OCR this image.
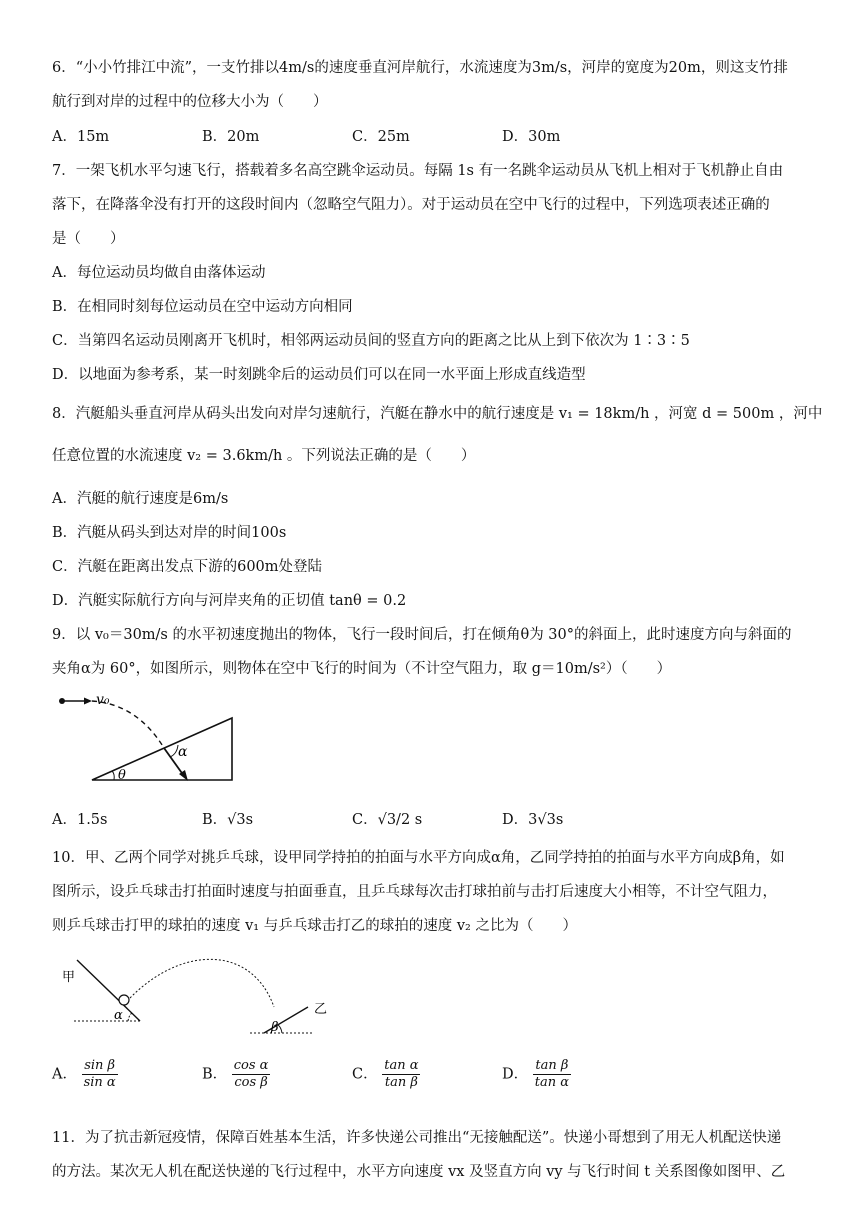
6．“小小竹排江中流”，一支竹排以4m/s的速度垂直河岸航行，水流速度为3m/s，河岸的宽度为20m，则这支竹排
航行到对岸的过程中的位移大小为（　　）
A．15m	B．20m	C．25m	D．30m
7．一架飞机水平匀速飞行，搭载着多名高空跳伞运动员。每隔 1s 有一名跳伞运动员从飞机上相对于飞机静止自由
落下，在降落伞没有打开的这段时间内（忽略空气阻力）。对于运动员在空中飞行的过程中，下列选项表述正确的
是（　　）
A．每位运动员均做自由落体运动
B．在相同时刻每位运动员在空中运动方向相同
C．当第四名运动员刚离开飞机时，相邻两运动员间的竖直方向的距离之比从上到下依次为 1∶3∶5
D．以地面为参考系，某一时刻跳伞后的运动员们可以在同一水平面上形成直线造型
8．汽艇船头垂直河岸从码头出发向对岸匀速航行，汽艇在静水中的航行速度是 v₁ = 18km/h ，河宽 d = 500m ，河中
任意位置的水流速度 v₂ = 3.6km/h 。下列说法正确的是（　　）
A．汽艇的航行速度是6m/s
B．汽艇从码头到达对岸的时间100s
C．汽艇在距离出发点下游的600m处登陆
D．汽艇实际航行方向与河岸夹角的正切值 tanθ = 0.2
9．以 v₀＝30m/s 的水平初速度抛出的物体，飞行一段时间后，打在倾角θ为 30°的斜面上，此时速度方向与斜面的
夹角α为 60°，如图所示，则物体在空中飞行的时间为（不计空气阻力，取 g＝10m/s²）（　　）
v₀
α
θ
A．1.5s	B．√3s	C．√3/2 s	D．3√3s
10．甲、乙两个同学对挑乒乓球，设甲同学持拍的拍面与水平方向成α角，乙同学持拍的拍面与水平方向成β角，如
图所示，设乒乓球击打拍面时速度与拍面垂直，且乒乓球每次击打球拍前与击打后速度大小相等，不计空气阻力，
则乒乓球击打甲的球拍的速度 v₁ 与乒乓球击打乙的球拍的速度 v₂ 之比为（　　）
甲
α
β
乙
A． $\frac{\text{sin β}}{\text{sin α}}$	B． $\frac{\text{cos α}}{\text{cos β}}$	C． $\frac{\text{tan α}}{\text{tan β}}$	D． $\frac{\text{tan β}}{\text{tan α}}$
11．为了抗击新冠疫情，保障百姓基本生活，许多快递公司推出“无接触配送”。快递小哥想到了用无人机配送快递
的方法。某次无人机在配送快递的飞行过程中，水平方向速度 vx 及竖直方向 vy 与飞行时间 t 关系图像如图甲、乙
